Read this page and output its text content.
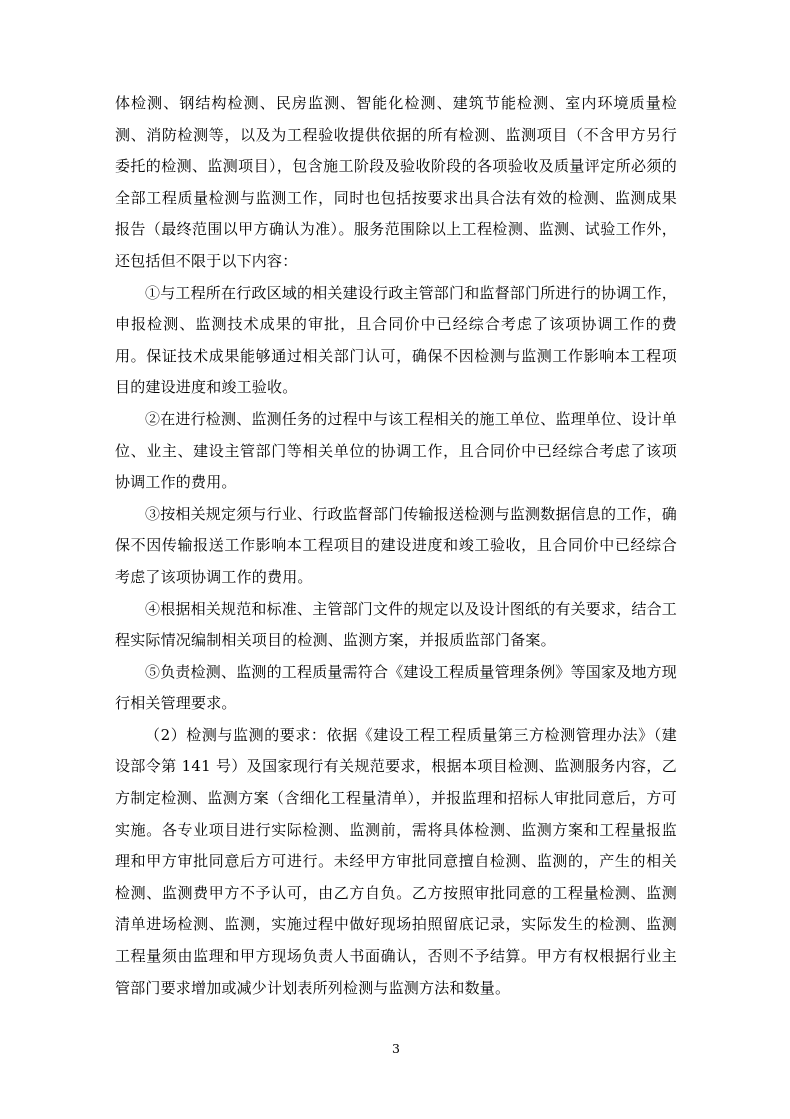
体检测、钢结构检测、民房监测、智能化检测、建筑节能检测、室内环境质量检测、消防检测等，以及为工程验收提供依据的所有检测、监测项目（不含甲方另行委托的检测、监测项目），包含施工阶段及验收阶段的各项验收及质量评定所必须的全部工程质量检测与监测工作，同时也包括按要求出具合法有效的检测、监测成果报告（最终范围以甲方确认为准）。服务范围除以上工程检测、监测、试验工作外，还包括但不限于以下内容：

①与工程所在行政区域的相关建设行政主管部门和监督部门所进行的协调工作，申报检测、监测技术成果的审批，且合同价中已经综合考虑了该项协调工作的费用。保证技术成果能够通过相关部门认可，确保不因检测与监测工作影响本工程项目的建设进度和竣工验收。

②在进行检测、监测任务的过程中与该工程相关的施工单位、监理单位、设计单位、业主、建设主管部门等相关单位的协调工作，且合同价中已经综合考虑了该项协调工作的费用。

③按相关规定须与行业、行政监督部门传输报送检测与监测数据信息的工作，确保不因传输报送工作影响本工程项目的建设进度和竣工验收，且合同价中已经综合考虑了该项协调工作的费用。

④根据相关规范和标准、主管部门文件的规定以及设计图纸的有关要求，结合工程实际情况编制相关项目的检测、监测方案，并报质监部门备案。

⑤负责检测、监测的工程质量需符合《建设工程质量管理条例》等国家及地方现行相关管理要求。

（2）检测与监测的要求：依据《建设工程工程质量第三方检测管理办法》（建设部令第 141 号）及国家现行有关规范要求，根据本项目检测、监测服务内容，乙方制定检测、监测方案（含细化工程量清单），并报监理和招标人审批同意后，方可实施。各专业项目进行实际检测、监测前，需将具体检测、监测方案和工程量报监理和甲方审批同意后方可进行。未经甲方审批同意擅自检测、监测的，产生的相关检测、监测费甲方不予认可，由乙方自负。乙方按照审批同意的工程量检测、监测清单进场检测、监测，实施过程中做好现场拍照留底记录，实际发生的检测、监测工程量须由监理和甲方现场负责人书面确认，否则不予结算。甲方有权根据行业主管部门要求增加或减少计划表所列检测与监测方法和数量。

3
